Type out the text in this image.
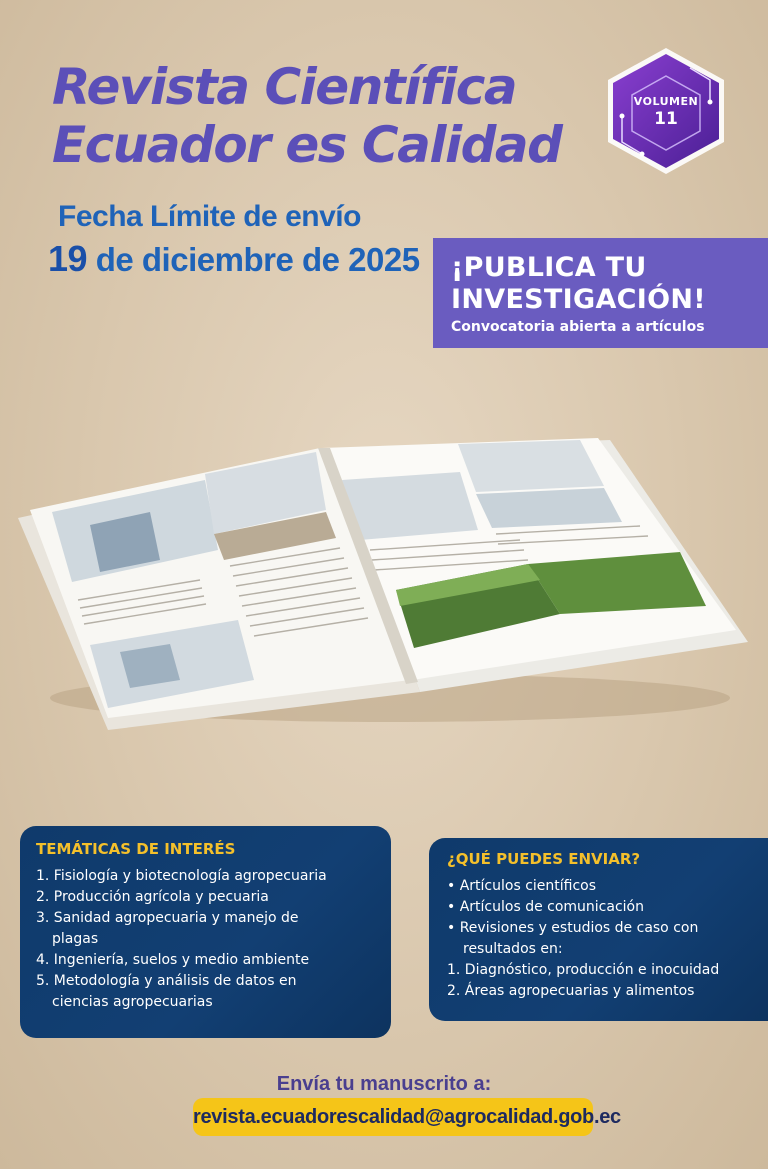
Revista Científica
Ecuador es Calidad
Fecha Límite de envío
19 de diciembre de 2025
VOLUMEN
11
¡PUBLICA TU
INVESTIGACIÓN!
Convocatoria abierta a artículos
TEMÁTICAS DE INTERÉS
1. Fisiología y biotecnología agropecuaria
2. Producción agrícola y pecuaria
3. Sanidad agropecuaria y manejo de
plagas
4. Ingeniería, suelos y medio ambiente
5. Metodología y análisis de datos en
ciencias agropecuarias
¿QUÉ PUEDES ENVIAR?
• Artículos científicos
• Artículos de comunicación
• Revisiones y estudios de caso con
resultados en:
1. Diagnóstico, producción e inocuidad
2. Áreas agropecuarias y alimentos
Envía tu manuscrito a:
revista.ecuadorescalidad@agrocalidad.gob.ec
